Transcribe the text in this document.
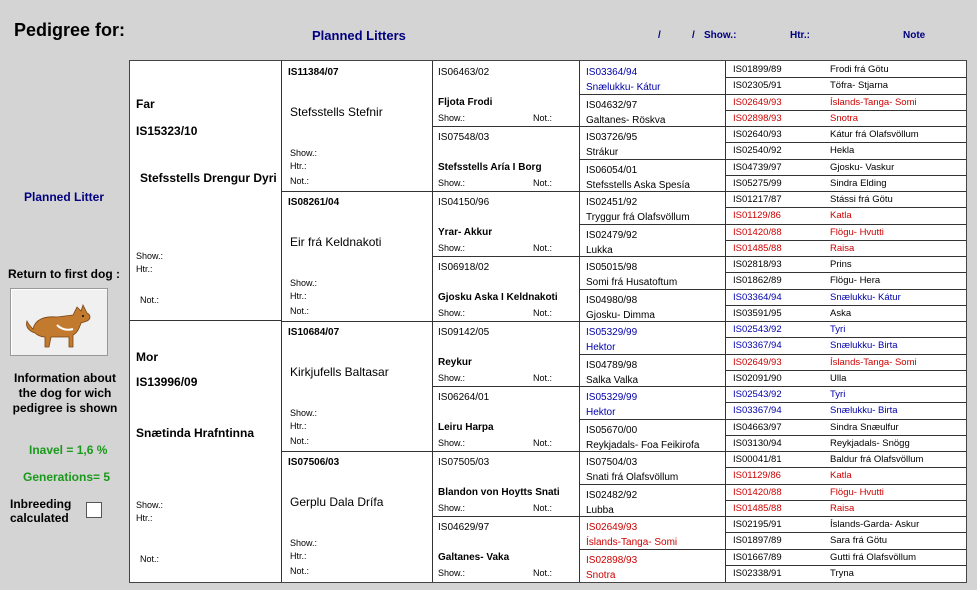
Pedigree for:	Planned Litters	/	/ Show.:	Htr.:	Note
Planned Litter
Return to first dog :
Information about the dog for wich pedigree is shown
Inavel = 1,6 %
Generations= 5
Inbreeding calculated
Far
IS15323/10
Stefsstells Drengur Dyri
Show.:
Htr.:
Not.:
Mor
IS13996/09
Snætinda Hrafntinna
Show.:
Htr.:
Not.:
IS11384/07
Stefsstells Stefnir
Show.:
Htr.:
Not.:
IS08261/04
Eir frá Keldnakoti
Show.:
Htr.:
Not.:
IS10684/07
Kirkjufells Baltasar
Show.:
Htr.:
Not.:
IS07506/03
Gerplu Dala Drífa
Show.:
Htr.:
Not.:
IS06463/02
Fljota Frodi
Show.:	Not.:
IS07548/03
Stefsstells Aría I Borg
Show.:	Not.:
IS04150/96
Yrar- Akkur
Show.:	Not.:
IS06918/02
Gjosku Aska I Keldnakoti
Show.:	Not.:
IS09142/05
Reykur
Show.:	Not.:
IS06264/01
Leiru Harpa
Show.:	Not.:
IS07505/03
Blandon von Hoytts Snati
Show.:	Not.:
IS04629/97
Galtanes- Vaka
Show.:	Not.:
IS03364/94
Snælukku- Kátur
IS04632/97
Galtanes- Röskva
IS03726/95
Strákur
IS06054/01
Stefsstells Aska Spesía
IS02451/92
Tryggur frá Olafsvöllum
IS02479/92
Lukka
IS05015/98
Somi frá Husatoftum
IS04980/98
Gjosku- Dimma
IS05329/99
Hektor
IS04789/98
Salka Valka
IS05329/99
Hektor
IS05670/00
Reykjadals- Foa Feikirofa
IS07504/03
Snati frá Olafsvöllum
IS02482/92
Lubba
IS02649/93
Íslands-Tanga- Somi
IS02898/93
Snotra
IS01899/89	Frodi frá Götu
IS02305/91	Töfra- Stjarna
IS02649/93	Íslands-Tanga- Somi
IS02898/93	Snotra
IS02640/93	Kátur frá Olafsvöllum
IS02540/92	Hekla
IS04739/97	Gjosku- Vaskur
IS05275/99	Sindra Elding
IS01217/87	Stássi frá Götu
IS01129/86	Katla
IS01420/88	Flögu- Hvutti
IS01485/88	Raisa
IS02818/93	Prins
IS01862/89	Flögu- Hera
IS03364/94	Snælukku- Kátur
IS03591/95	Aska
IS02543/92	Tyri
IS03367/94	Snælukku- Birta
IS02649/93	Íslands-Tanga- Somi
IS02091/90	Ulla
IS02543/92	Tyri
IS03367/94	Snælukku- Birta
IS04663/97	Sindra Snæulfur
IS03130/94	Reykjadals- Snögg
IS00041/81	Baldur frá Olafsvöllum
IS01129/86	Katla
IS01420/88	Flögu- Hvutti
IS01485/88	Raisa
IS02195/91	Íslands-Garda- Askur
IS01897/89	Sara frá Götu
IS01667/89	Gutti frá Olafsvöllum
IS02338/91	Tryna
